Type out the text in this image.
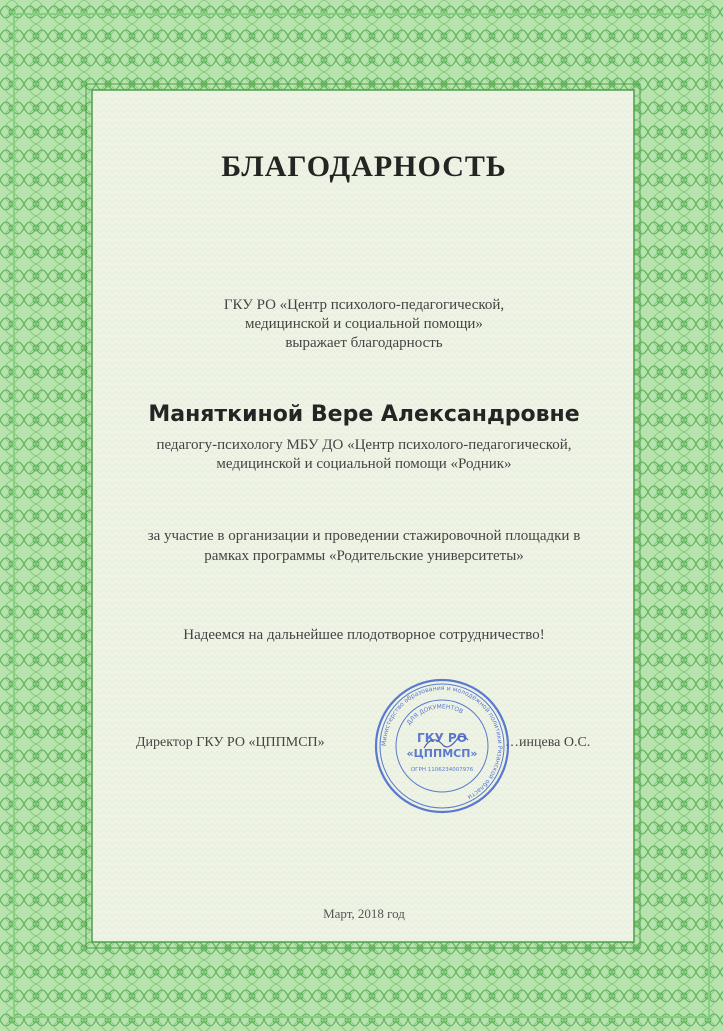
БЛАГОДАРНОСТЬ
ГКУ РО «Центр психолого-педагогической,
медицинской и социальной помощи»
выражает благодарность
Маняткиной Вере Александровне
педагогу-психологу МБУ ДО «Центр психолого-педагогической,
медицинской и социальной помощи «Родник»
за участие в организации и проведении стажировочной площадки в
рамках программы «Родительские университеты»
Надеемся на дальнейшее плодотворное сотрудничество!
Директор ГКУ РО «ЦППМСП»	…инцева О.С.
Министерство образования и молодёжной политики Рязанской области
ДЛЯ ДОКУМЕНТОВ
ГКУ РО
«ЦППМСП»
ОГРН 1106234007976
Март, 2018 год
